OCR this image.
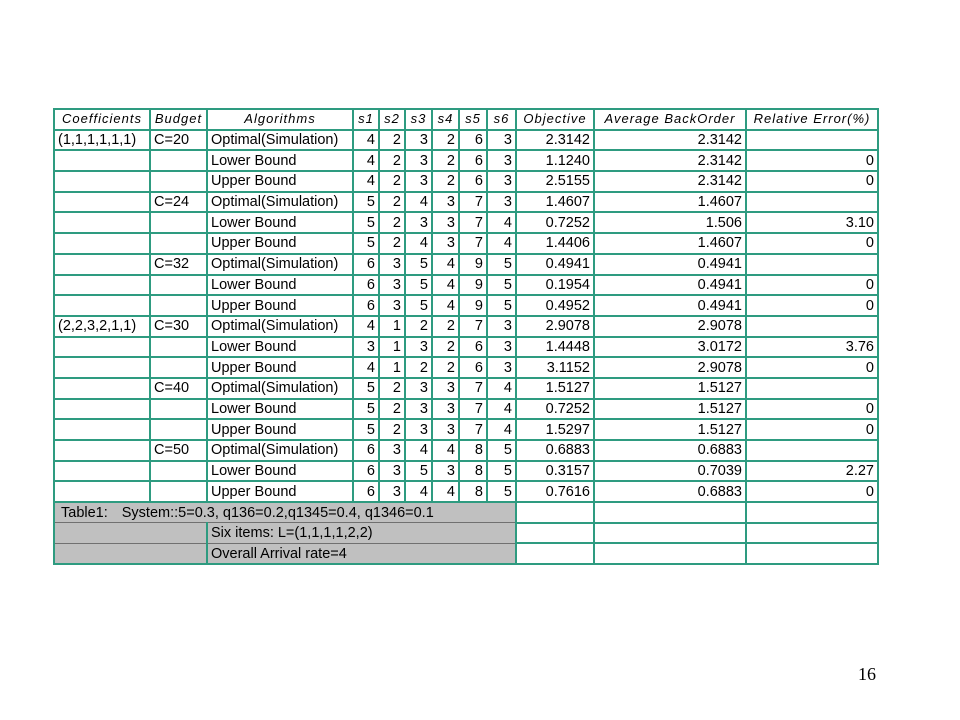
Coefficients	Budget	Algorithms	s1	s2	s3	s4	s5	s6	Objective	Average BackOrder	Relative Error(%)
(1,1,1,1,1,1)	C=20	Optimal(Simulation)	4	2	3	2	6	3	2.3142	2.3142	
		Lower Bound	4	2	3	2	6	3	1.1240	2.3142	0
		Upper Bound	4	2	3	2	6	3	2.5155	2.3142	0
	C=24	Optimal(Simulation)	5	2	4	3	7	3	1.4607	1.4607	
		Lower Bound	5	2	3	3	7	4	0.7252	1.506	3.10
		Upper Bound	5	2	4	3	7	4	1.4406	1.4607	0
	C=32	Optimal(Simulation)	6	3	5	4	9	5	0.4941	0.4941	
		Lower Bound	6	3	5	4	9	5	0.1954	0.4941	0
		Upper Bound	6	3	5	4	9	5	0.4952	0.4941	0
(2,2,3,2,1,1)	C=30	Optimal(Simulation)	4	1	2	2	7	3	2.9078	2.9078	
		Lower Bound	3	1	3	2	6	3	1.4448	3.0172	3.76
		Upper Bound	4	1	2	2	6	3	3.1152	2.9078	0
	C=40	Optimal(Simulation)	5	2	3	3	7	4	1.5127	1.5127	
		Lower Bound	5	2	3	3	7	4	0.7252	1.5127	0
		Upper Bound	5	2	3	3	7	4	1.5297	1.5127	0
	C=50	Optimal(Simulation)	6	3	4	4	8	5	0.6883	0.6883	
		Lower Bound	6	3	5	3	8	5	0.3157	0.7039	2.27
		Upper Bound	6	3	4	4	8	5	0.7616	0.6883	0
Table1: System::5=0.3, q136=0.2,q1345=0.4, q1346=0.1											
		Six items: L=(1,1,1,1,2,2)									
		Overall Arrival rate=4									
16
